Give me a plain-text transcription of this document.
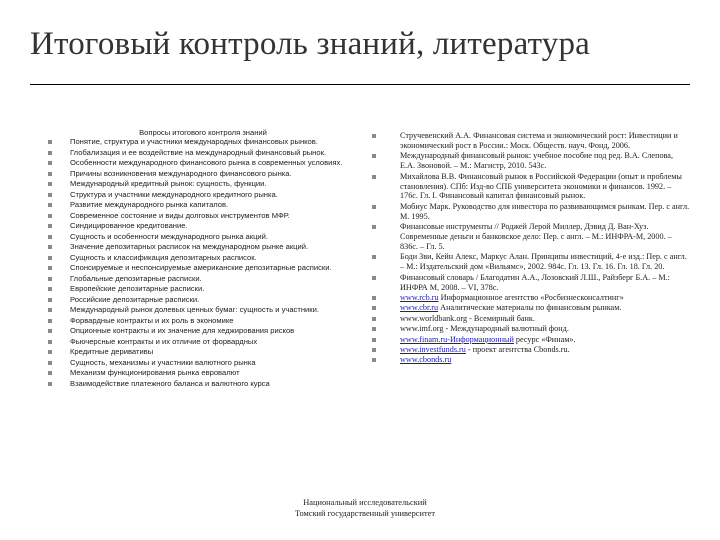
Итоговый контроль знаний, литература
Вопросы итогового контроля знаний
Понятие, структура и участники международных финансовых рынков.
Глобализация и ее воздействие на международный финансовый рынок.
Особенности международного финансового рынка в современных условиях.
Причины возникновения международного финансового рынка.
Международный кредитный рынок: сущность, функции.
Структура и участники международного кредитного рынка.
Развитие международного рынка капиталов.
Современное состояние и виды долговых инструментов МФР.
Синдицированное кредитование.
Сущность и особенности международного рынка акций.
Значение депозитарных расписок на международном рынке акций.
Сущность и классификация депозитарных расписок.
Спонсируемые и неспонсируемые американские депозитарные расписки.
Глобальные депозитарные расписки.
Европейские депозитарные расписки.
Российские депозитарные расписки.
Международный рынок долевых ценных бумаг: сущность и участники.
Форвардные контракты и их роль в экономике
Опционные контракты и их значение для хеджирования рисков
Фьючерсные контракты и их отличие от форвардных
Кредитные деривативы
Сущность, механизмы и участники валютного рынка
Механизм функционирования рынка евровалют
Взаимодействие платежного баланса и валютного курса
Стручевенский А.А. Финансовая система и экономический рост: Инвестиции и экономический рост в России.: Моск. Обществ. науч. Фонд, 2006.
Международный финансовый рынок: учебное пособие под ред. В.А. Слепова, Е.А. Звоновой. – М.: Магистр, 2010. 543с.
Михайлова В.В. Финансовый рынок в Российской Федерации (опыт и проблемы становления). СПб: Изд-во СПБ университета экономики и финансов. 1992. – 176с. Гл. I. Финансовый капитал финансовый рынок.
Мобиус Марк. Руководство для инвестора по развивающимся рынкам. Пер. с англ. М. 1995.
Финансовые инструменты // Роджей Лерой Миллер, Дэвид Д. Ван-Хуз. Современные деньги и банковское дело: Пер. с англ. – М.: ИНФРА-М, 2000. – 836с. – Гл. 5.
Боди Зви, Кейн Алекс, Маркус Алан. Принципы инвестиций, 4-е изд.: Пер. с англ. – М.: Издательский дом «Вильямс», 2002. 984с. Гл. 13. Гл. 16. Гл. 18. Гл. 20.
Финансовый словарь / Благодатин А.А., Лозовский Л.Ш., Райзберг Б.А. – М.: ИНФРА М, 2008. – VI, 378с.
www.rcb.ru Информационное агентство «Росбизнесконсалтинг»
www.cbr.ru Аналитические материалы по финансовым рынкам.
www.worldbank.org - Всемирный банк.
www.imf.org - Международный валютный фонд.
www.finam.ru-Информационный ресурс «Финам».
www.investfunds.ru - проект агентства Cbonds.ru.
www.cbonds.ru
Национальный исследовательский
Томский государственный университет
